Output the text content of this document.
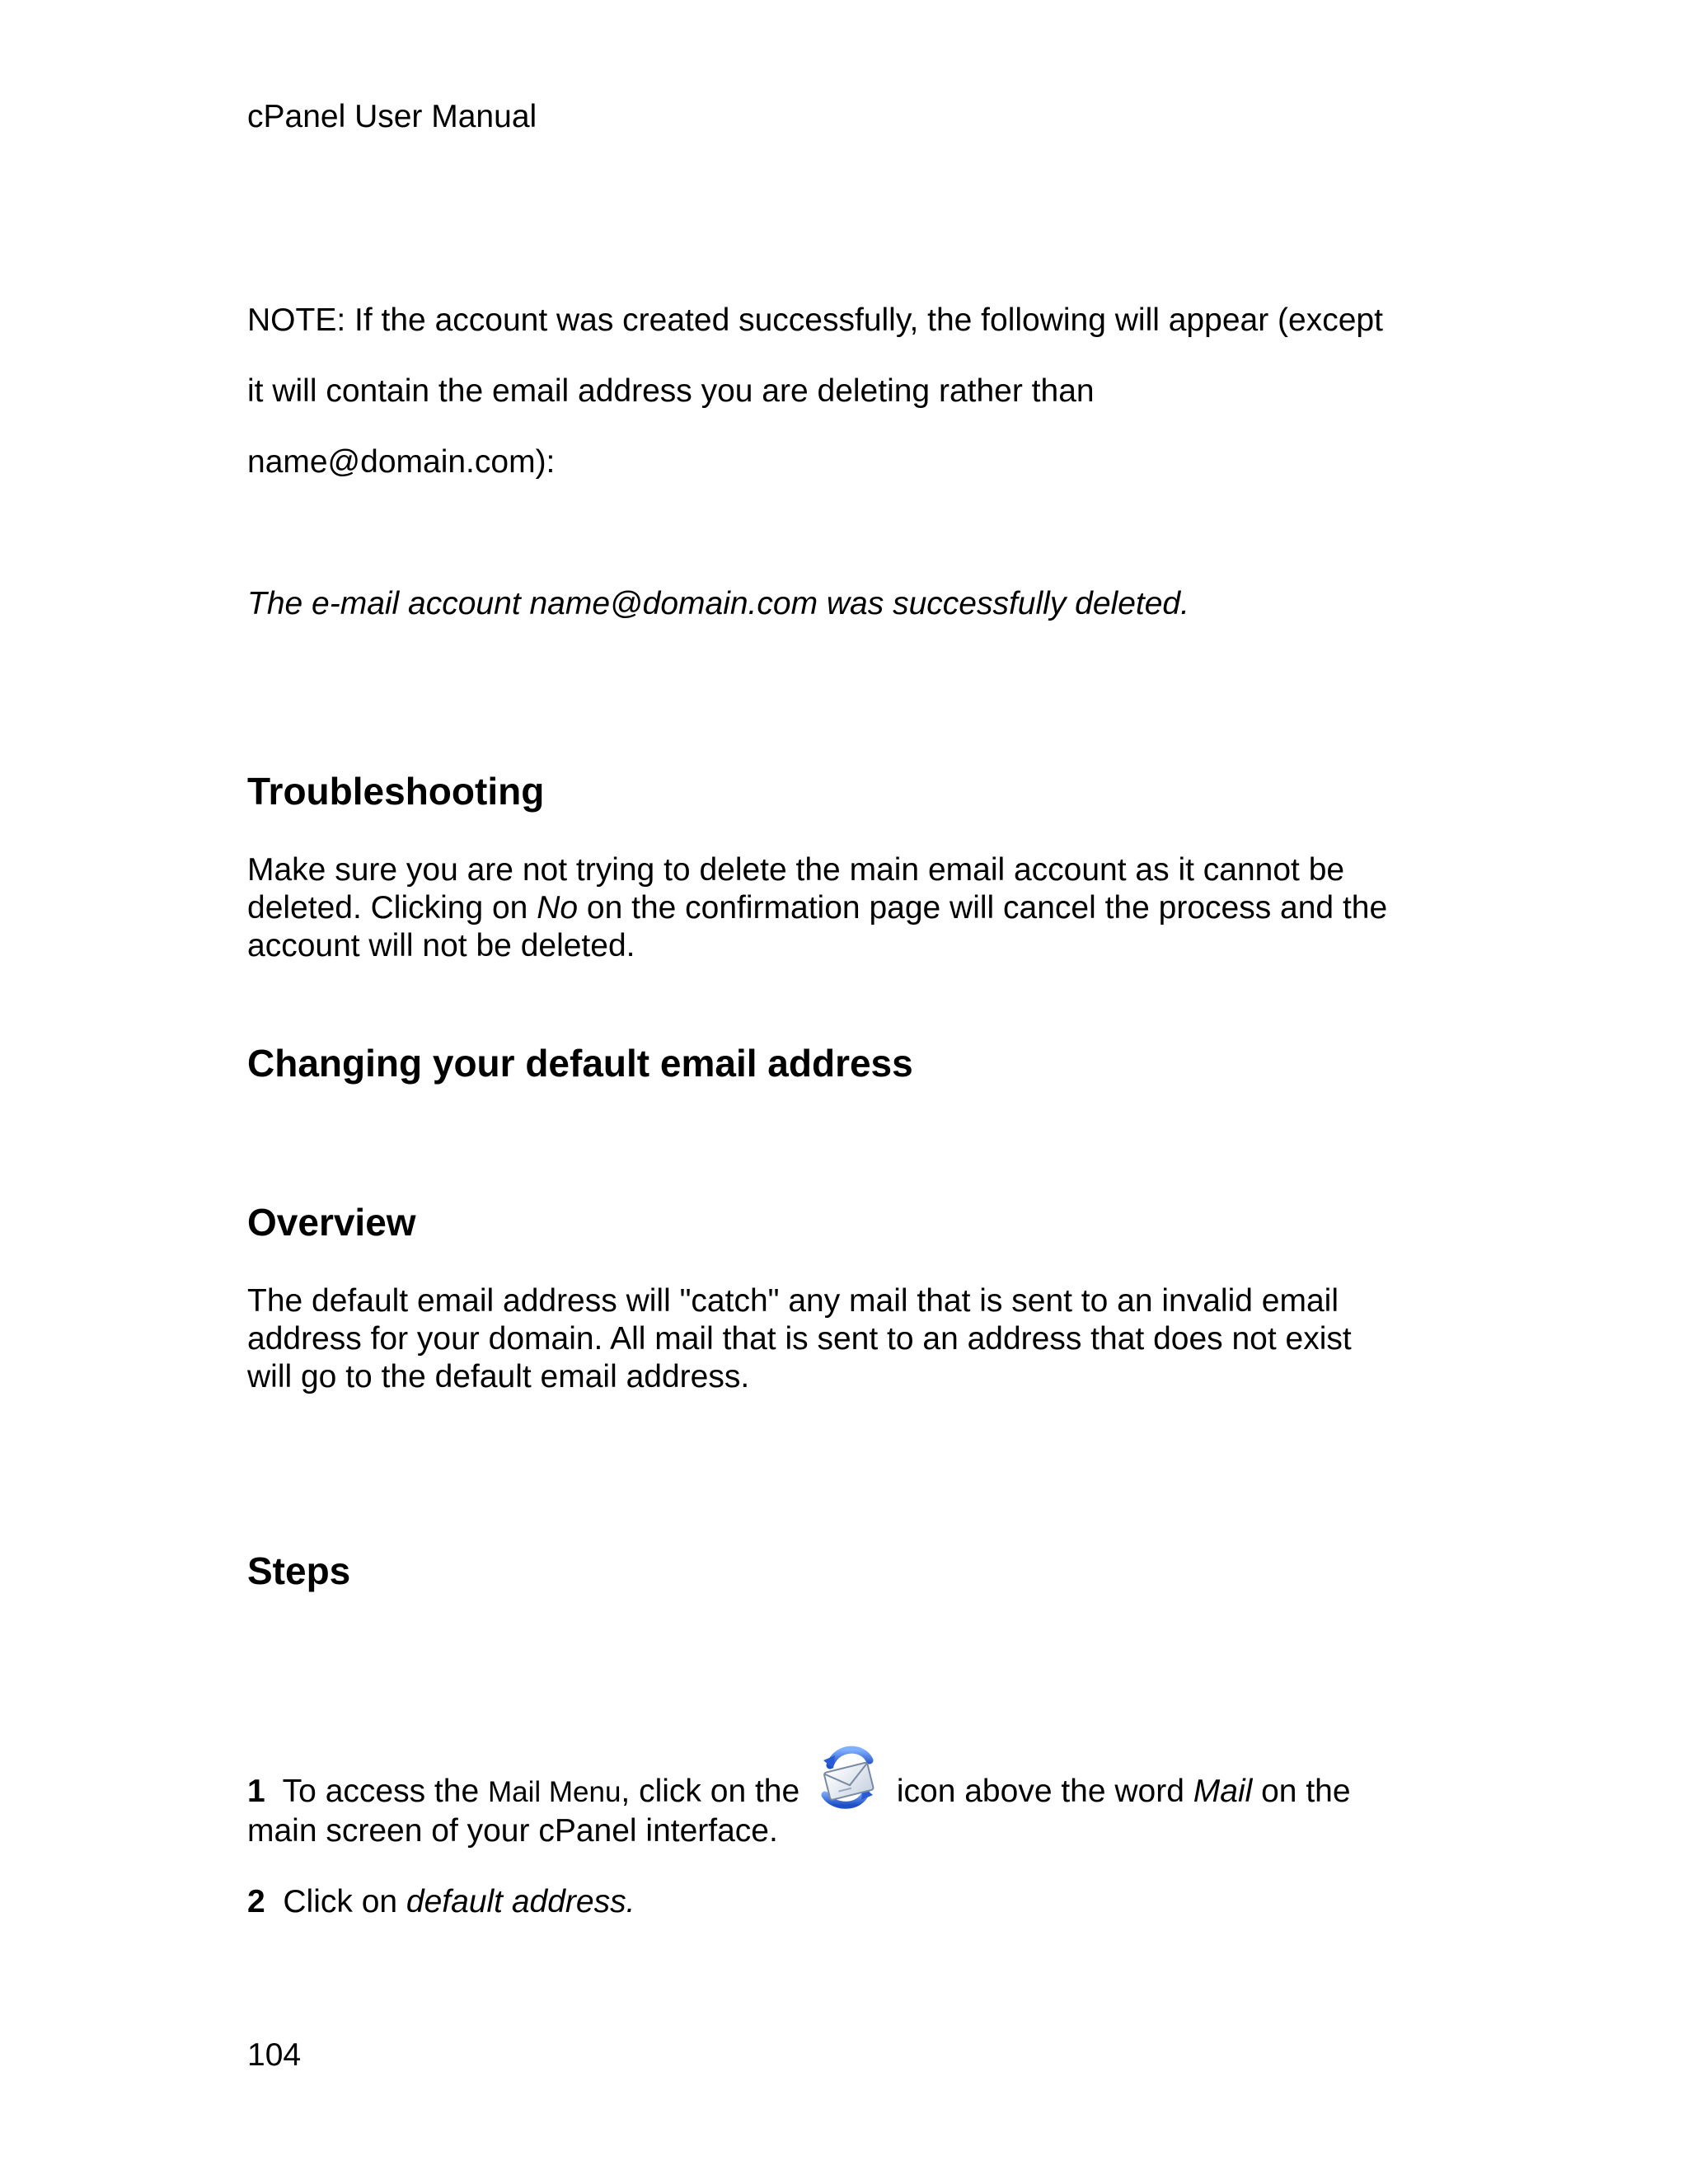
cPanel User Manual
NOTE: If the account was created successfully, the following will appear (except
it will contain the email address you are deleting rather than
name@domain.com):
The e-mail account name@domain.com was successfully deleted.
Troubleshooting
Make sure you are not trying to delete the main email account as it cannot be
deleted. Clicking on No on the confirmation page will cancel the process and the
account will not be deleted.
Changing your default email address
Overview
The default email address will "catch" any mail that is sent to an invalid email
address for your domain. All mail that is sent to an address that does not exist
will go to the default email address.
Steps
1 To access the Mail Menu, click on the  icon above the word Mail on the
main screen of your cPanel interface.
2 Click on default address.
104
